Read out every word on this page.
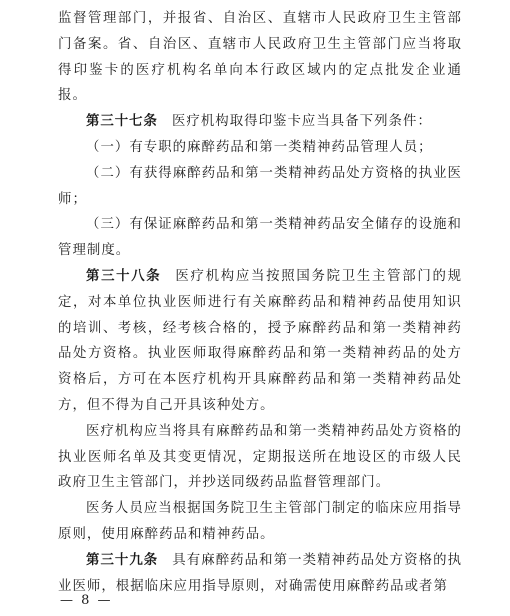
监督管理部门，并报省、自治区、直辖市人民政府卫生主管部门备案。省、自治区、直辖市人民政府卫生主管部门应当将取得印鉴卡的医疗机构名单向本行政区域内的定点批发企业通报。

第三十七条 医疗机构取得印鉴卡应当具备下列条件：

（一）有专职的麻醉药品和第一类精神药品管理人员；

（二）有获得麻醉药品和第一类精神药品处方资格的执业医师；

（三）有保证麻醉药品和第一类精神药品安全储存的设施和管理制度。

第三十八条 医疗机构应当按照国务院卫生主管部门的规定，对本单位执业医师进行有关麻醉药品和精神药品使用知识的培训、考核，经考核合格的，授予麻醉药品和第一类精神药品处方资格。执业医师取得麻醉药品和第一类精神药品的处方资格后，方可在本医疗机构开具麻醉药品和第一类精神药品处方，但不得为自己开具该种处方。

医疗机构应当将具有麻醉药品和第一类精神药品处方资格的执业医师名单及其变更情况，定期报送所在地设区的市级人民政府卫生主管部门，并抄送同级药品监督管理部门。

医务人员应当根据国务院卫生主管部门制定的临床应用指导原则，使用麻醉药品和精神药品。

第三十九条 具有麻醉药品和第一类精神药品处方资格的执业医师，根据临床应用指导原则，对确需使用麻醉药品或者第

— 8 —
